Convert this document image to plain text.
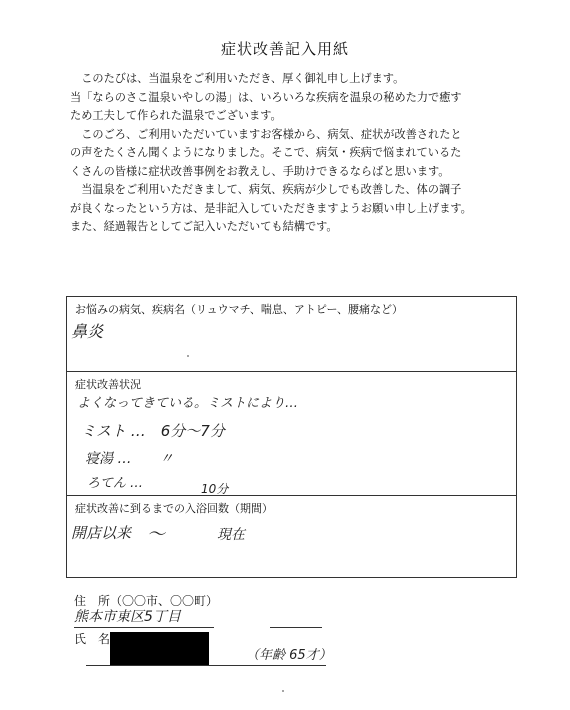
症状改善記入用紙

　このたびは、当温泉をご利用いただき、厚く御礼申し上げます。

当「ならのさこ温泉いやしの湯」は、いろいろな疾病を温泉の秘めた力で癒す

ため工夫して作られた温泉でございます。

　このごろ、ご利用いただいていますお客様から、病気、症状が改善されたと

の声をたくさん聞くようになりました。そこで、病気・疾病で悩まれているた

くさんの皆様に症状改善事例をお教えし、手助けできるならばと思います。

　当温泉をご利用いただきまして、病気、疾病が少しでも改善した、体の調子

が良くなったという方は、是非記入していただきますようお願い申し上げます。

また、経過報告としてご記入いただいても結構です。

お悩みの病気、疾病名（リュウマチ、喘息、アトピー、腰痛など）
鼻炎
症状改善状況
よくなってきている。ミストにより…
ミスト …　6分〜7分
寝湯 …　　〃
ろてん …	10分
症状改善に到るまでの入浴回数（期間）
開店以来 〜	現在
住　所（〇〇市、〇〇町）
熊本市東区5丁目
氏　名
（年齢 65才）
